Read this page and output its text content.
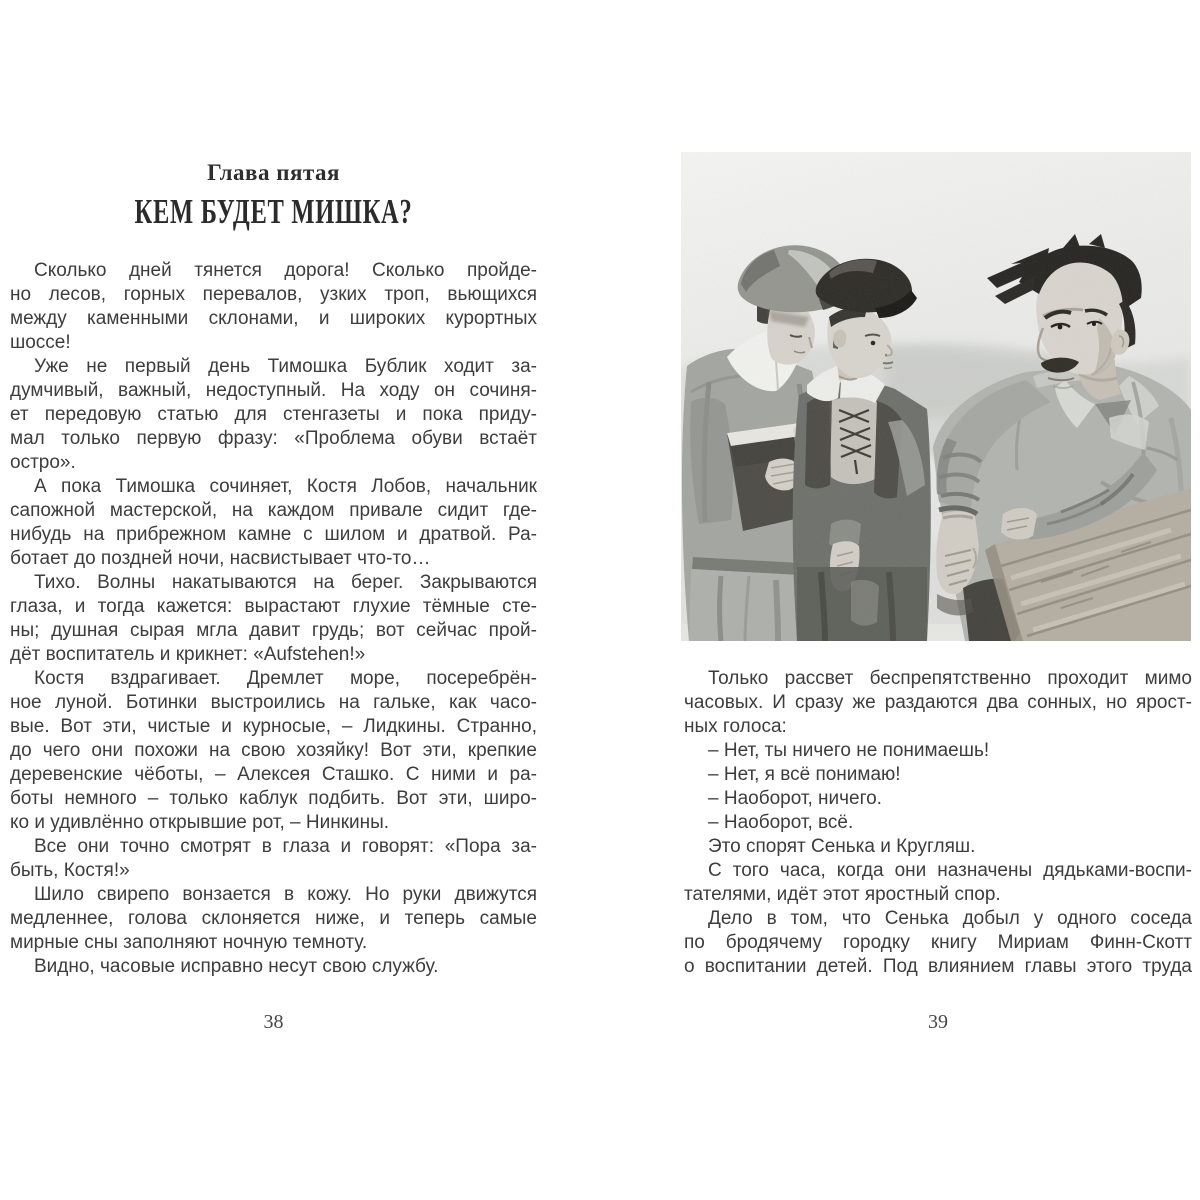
Глава пятая
КЕМ БУДЕТ МИШКА?
Сколько дней тянется дорога! Сколько пройде-
но лесов, горных перевалов, узких троп, вьющихся
между каменными склонами, и широких курортных
шоссе!
Уже не первый день Тимошка Бублик ходит за-
думчивый, важный, недоступный. На ходу он сочиня-
ет передовую статью для стенгазеты и пока приду-
мал только первую фразу: «Проблема обуви встаёт
остро».
А пока Тимошка сочиняет, Костя Лобов, начальник
сапожной мастерской, на каждом привале сидит где-
нибудь на прибрежном камне с шилом и дратвой. Ра-
ботает до поздней ночи, насвистывает что-то…
Тихо. Волны накатываются на берег. Закрываются
глаза, и тогда кажется: вырастают глухие тёмные сте-
ны; душная сырая мгла давит грудь; вот сейчас прой-
дёт воспитатель и крикнет: «Aufstehen!»
Костя вздрагивает. Дремлет море, посеребрён-
ное луной. Ботинки выстроились на гальке, как часо-
вые. Вот эти, чистые и курносые, – Лидкины. Странно,
до чего они похожи на свою хозяйку! Вот эти, крепкие
деревенские чёботы, – Алексея Сташко. С ними и ра-
боты немного – только каблук подбить. Вот эти, широ-
ко и удивлённо открывшие рот, – Нинкины.
Все они точно смотрят в глаза и говорят: «Пора за-
быть, Костя!»
Шило свирепо вонзается в кожу. Но руки движутся
медленнее, голова склоняется ниже, и теперь самые
мирные сны заполняют ночную темноту.
Видно, часовые исправно несут свою службу.
38
Только рассвет беспрепятственно проходит мимо
часовых. И сразу же раздаются два сонных, но ярост-
ных голоса:
– Нет, ты ничего не понимаешь!
– Нет, я всё понимаю!
– Наоборот, ничего.
– Наоборот, всё.
Это спорят Сенька и Кругляш.
С того часа, когда они назначены дядьками-воспи-
тателями, идёт этот яростный спор.
Дело в том, что Сенька добыл у одного соседа
по бродячему городку книгу Мириам Финн-Скотт
о воспитании детей. Под влиянием главы этого труда
39
